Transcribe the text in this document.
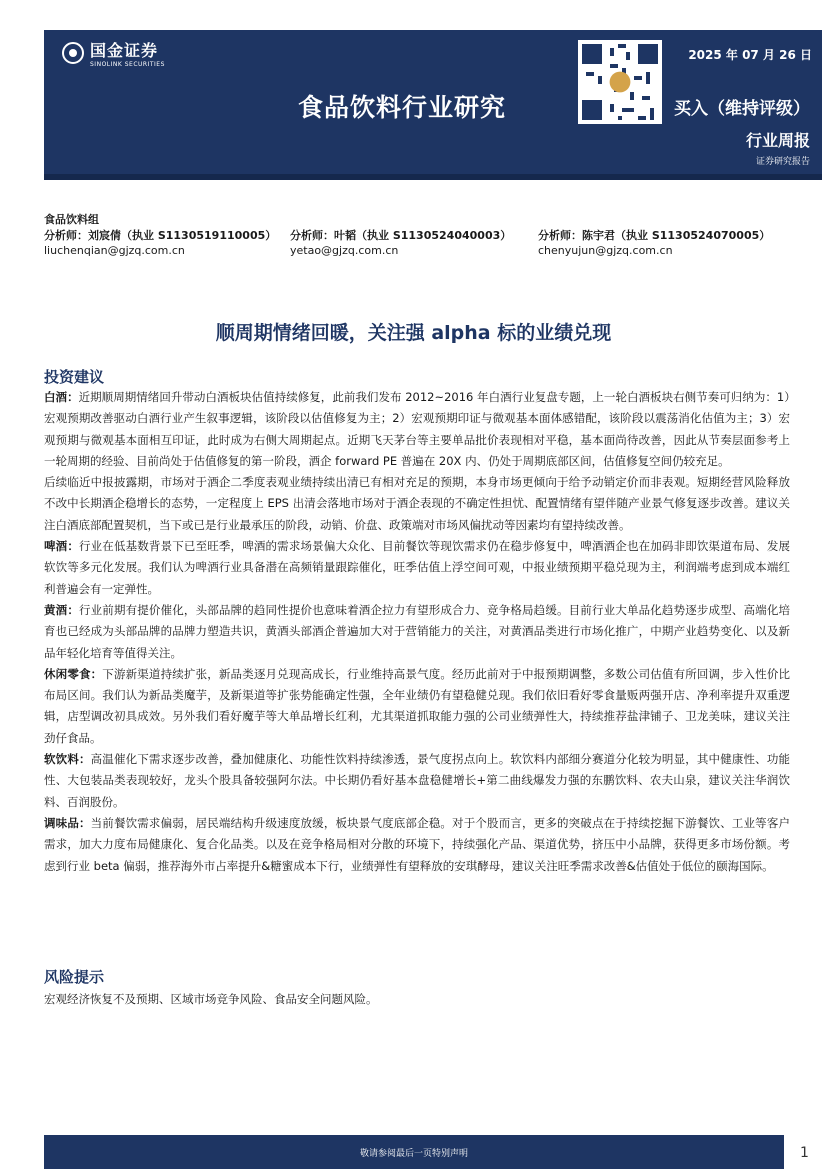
国金证券
SINOLINK SECURITIES
食品饮料行业研究
2025 年 07 月 26 日
买入（维持评级）
行业周报
证券研究报告
食品饮料组
分析师：刘宸倩（执业 S1130519110005） 分析师：叶韬（执业 S1130524040003） 分析师：陈宇君（执业 S1130524070005）
liuchenqian@gjzq.com.cn	yetao@gjzq.com.cn	chenyujun@gjzq.com.cn
顺周期情绪回暖，关注强 alpha 标的业绩兑现
投资建议

白酒：近期顺周期情绪回升带动白酒板块估值持续修复，此前我们发布 2012~2016 年白酒行业复盘专题，上一轮白酒板块右侧节奏可归纳为：1）宏观预期改善驱动白酒行业产生叙事逻辑，该阶段以估值修复为主；2）宏观预期印证与微观基本面体感错配，该阶段以震荡消化估值为主；3）宏观预期与微观基本面相互印证，此时成为右侧大周期起点。近期飞天茅台等主要单品批价表现相对平稳，基本面尚待改善，因此从节奏层面参考上一轮周期的经验、目前尚处于估值修复的第一阶段，酒企 forward PE 普遍在 20X 内、仍处于周期底部区间，估值修复空间仍较充足。

后续临近中报披露期，市场对于酒企二季度表观业绩持续出清已有相对充足的预期，本身市场更倾向于给予动销定价而非表观。短期经营风险释放不改中长期酒企稳增长的态势，一定程度上 EPS 出清会落地市场对于酒企表现的不确定性担忧、配置情绪有望伴随产业景气修复逐步改善。建议关注白酒底部配置契机，当下或已是行业最承压的阶段，动销、价盘、政策端对市场风偏扰动等因素均有望持续改善。

啤酒：行业在低基数背景下已至旺季，啤酒的需求场景偏大众化、目前餐饮等现饮需求仍在稳步修复中，啤酒酒企也在加码非即饮渠道布局、发展软饮等多元化发展。我们认为啤酒行业具备潜在高频销量跟踪催化，旺季估值上浮空间可观，中报业绩预期平稳兑现为主，利润端考虑到成本端红利普遍会有一定弹性。

黄酒：行业前期有提价催化，头部品牌的趋同性提价也意味着酒企拉力有望形成合力、竞争格局趋缓。目前行业大单品化趋势逐步成型、高端化培育也已经成为头部品牌的品牌力塑造共识，黄酒头部酒企普遍加大对于营销能力的关注，对黄酒品类进行市场化推广，中期产业趋势变化、以及新品年轻化培育等值得关注。

休闲零食：下游新渠道持续扩张，新品类逐月兑现高成长，行业维持高景气度。经历此前对于中报预期调整，多数公司估值有所回调，步入性价比布局区间。我们认为新品类魔芋，及新渠道等扩张势能确定性强，全年业绩仍有望稳健兑现。我们依旧看好零食量贩两强开店、净利率提升双重逻辑，店型调改初具成效。另外我们看好魔芋等大单品增长红利，尤其渠道抓取能力强的公司业绩弹性大，持续推荐盐津铺子、卫龙美味，建议关注劲仔食品。

软饮料：高温催化下需求逐步改善，叠加健康化、功能性饮料持续渗透，景气度拐点向上。软饮料内部细分赛道分化较为明显，其中健康性、功能性、大包装品类表现较好，龙头个股具备较强阿尔法。中长期仍看好基本盘稳健增长+第二曲线爆发力强的东鹏饮料、农夫山泉，建议关注华润饮料、百润股份。

调味品：当前餐饮需求偏弱，居民端结构升级速度放缓，板块景气度底部企稳。对于个股而言，更多的突破点在于持续挖掘下游餐饮、工业等客户需求，加大力度布局健康化、复合化品类。以及在竞争格局相对分散的环境下，持续强化产品、渠道优势，挤压中小品牌，获得更多市场份额。考虑到行业 beta 偏弱，推荐海外市占率提升&糖蜜成本下行，业绩弹性有望释放的安琪酵母，建议关注旺季需求改善&估值处于低位的颐海国际。

风险提示

宏观经济恢复不及预期、区域市场竞争风险、食品安全问题风险。

敬请参阅最后一页特别声明	1
